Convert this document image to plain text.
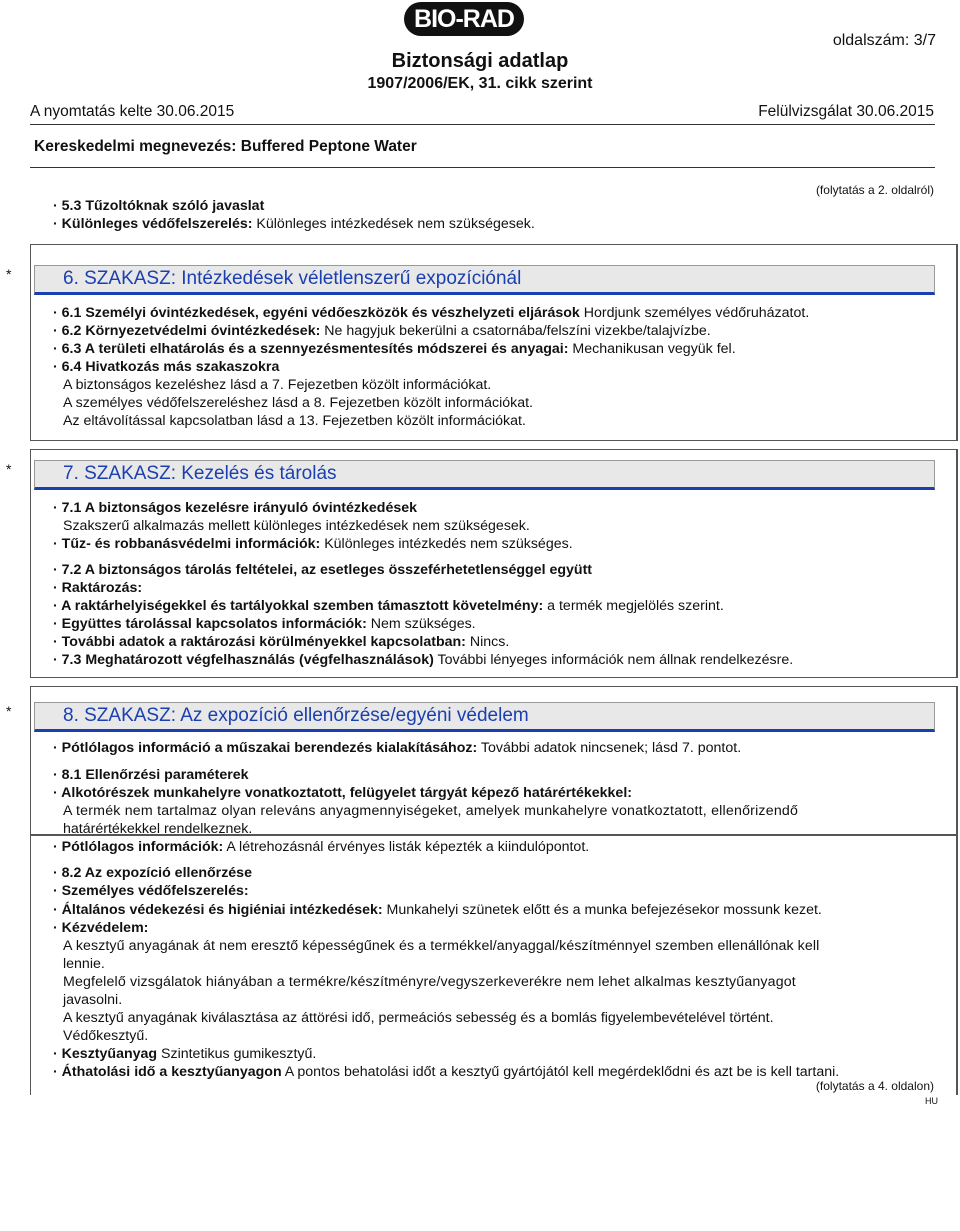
BIO-RAD
oldalszám: 3/7
Biztonsági adatlap
1907/2006/EK, 31. cikk szerint
A nyomtatás kelte 30.06.2015	Felülvizsgálat 30.06.2015
Kereskedelmi megnevezés: Buffered Peptone Water
(folytatás a 2. oldalról)
· 5.3 Tűzoltóknak szóló javaslat
· Különleges védőfelszerelés: Különleges intézkedések nem szükségesek.
*	6. SZAKASZ: Intézkedések véletlenszerű expozíciónál
· 6.1 Személyi óvintézkedések, egyéni védőeszközök és vészhelyzeti eljárások Hordjunk személyes védőruházatot.
· 6.2 Környezetvédelmi óvintézkedések: Ne hagyjuk bekerülni a csatornába/felszíni vizekbe/talajvízbe.
· 6.3 A területi elhatárolás és a szennyezésmentesítés módszerei és anyagai: Mechanikusan vegyük fel.
· 6.4 Hivatkozás más szakaszokra
A biztonságos kezeléshez lásd a 7. Fejezetben közölt információkat.
A személyes védőfelszereléshez lásd a 8. Fejezetben közölt információkat.
Az eltávolítással kapcsolatban lásd a 13. Fejezetben közölt információkat.
*	7. SZAKASZ: Kezelés és tárolás
· 7.1 A biztonságos kezelésre irányuló óvintézkedések
Szakszerű alkalmazás mellett különleges intézkedések nem szükségesek.
· Tűz- és robbanásvédelmi információk: Különleges intézkedés nem szükséges.
· 7.2 A biztonságos tárolás feltételei, az esetleges összeférhetetlenséggel együtt
· Raktározás:
· A raktárhelyiségekkel és tartályokkal szemben támasztott követelmény: a termék megjelölés szerint.
· Együttes tárolással kapcsolatos információk: Nem szükséges.
· További adatok a raktározási körülményekkel kapcsolatban: Nincs.
· 7.3 Meghatározott végfelhasználás (végfelhasználások) További lényeges információk nem állnak rendelkezésre.
*	8. SZAKASZ: Az expozíció ellenőrzése/egyéni védelem
· Pótlólagos információ a műszakai berendezés kialakításához: További adatok nincsenek; lásd 7. pontot.
· 8.1 Ellenőrzési paraméterek
· Alkotórészek munkahelyre vonatkoztatott, felügyelet tárgyát képező határértékekkel:
A termék nem tartalmaz olyan releváns anyagmennyiségeket, amelyek munkahelyre vonatkoztatott, ellenőrizendő
határértékekkel rendelkeznek.
· Pótlólagos információk: A létrehozásnál érvényes listák képezték a kiindulópontot.
· 8.2 Az expozíció ellenőrzése
· Személyes védőfelszerelés:
· Általános védekezési és higiéniai intézkedések: Munkahelyi szünetek előtt és a munka befejezésekor mossunk kezet.
· Kézvédelem:
A kesztyű anyagának át nem eresztő képességűnek és a termékkel/anyaggal/készítménnyel szemben ellenállónak kell
lennie.
Megfelelő vizsgálatok hiányában a termékre/készítményre/vegyszerkeverékre nem lehet alkalmas kesztyűanyagot
javasolni.
A kesztyű anyagának kiválasztása az áttörési idő, permeációs sebesség és a bomlás figyelembevételével történt.
Védőkesztyű.
· Kesztyűanyag Szintetikus gumikesztyű.
· Áthatolási idő a kesztyűanyagon A pontos behatolási időt a kesztyű gyártójától kell megérdeklődni és azt be is kell tartani.
(folytatás a 4. oldalon)
HU
